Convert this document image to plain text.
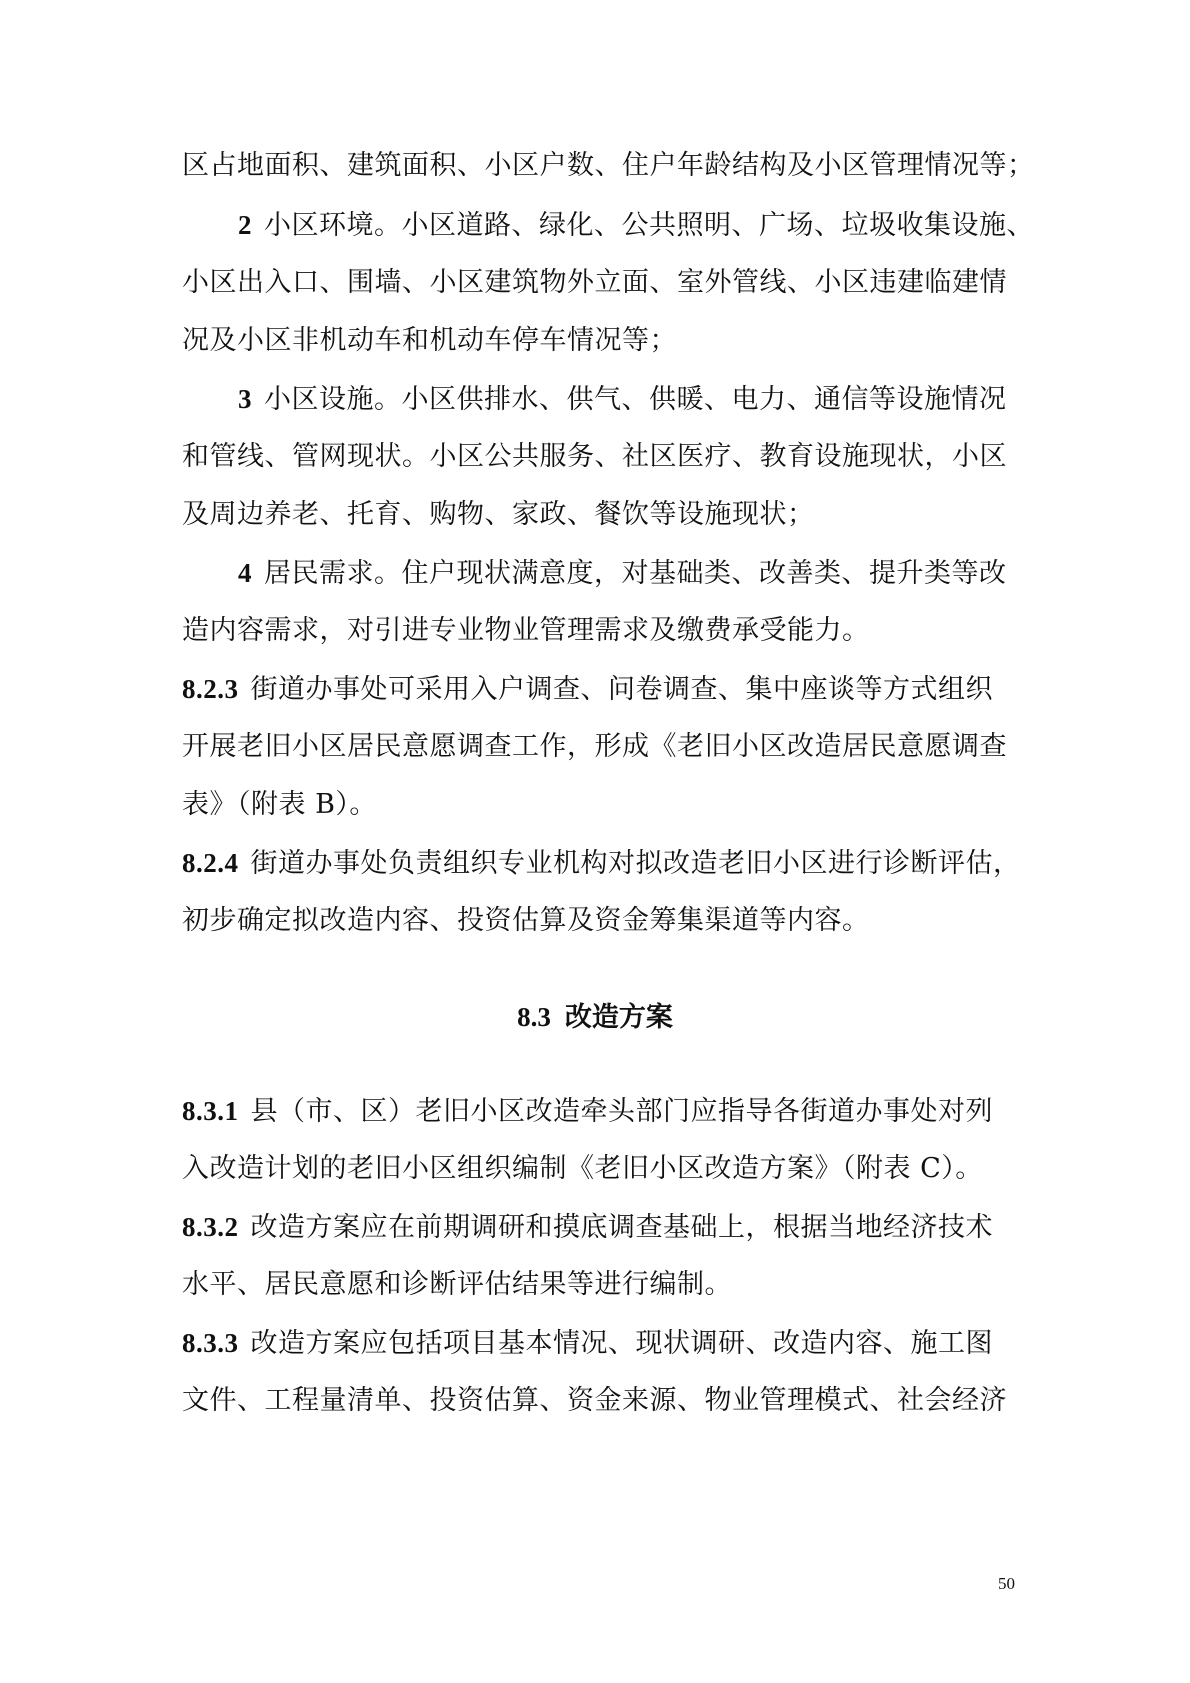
区占地面积、建筑面积、小区户数、住户年龄结构及小区管理情况等；
2 小区环境。小区道路、绿化、公共照明、广场、垃圾收集设施、
小区出入口、围墙、小区建筑物外立面、室外管线、小区违建临建情
况及小区非机动车和机动车停车情况等；
3 小区设施。小区供排水、供气、供暖、电力、通信等设施情况
和管线、管网现状。小区公共服务、社区医疗、教育设施现状，小区
及周边养老、托育、购物、家政、餐饮等设施现状；
4 居民需求。住户现状满意度，对基础类、改善类、提升类等改
造内容需求，对引进专业物业管理需求及缴费承受能力。
8.2.3 街道办事处可采用入户调查、问卷调查、集中座谈等方式组织
开展老旧小区居民意愿调查工作，形成《老旧小区改造居民意愿调查
表》（附表 B）。
8.2.4 街道办事处负责组织专业机构对拟改造老旧小区进行诊断评估，
初步确定拟改造内容、投资估算及资金筹集渠道等内容。
8.3 改造方案
8.3.1 县（市、区）老旧小区改造牵头部门应指导各街道办事处对列
入改造计划的老旧小区组织编制《老旧小区改造方案》（附表 C）。
8.3.2 改造方案应在前期调研和摸底调查基础上，根据当地经济技术
水平、居民意愿和诊断评估结果等进行编制。
8.3.3 改造方案应包括项目基本情况、现状调研、改造内容、施工图
文件、工程量清单、投资估算、资金来源、物业管理模式、社会经济
50
